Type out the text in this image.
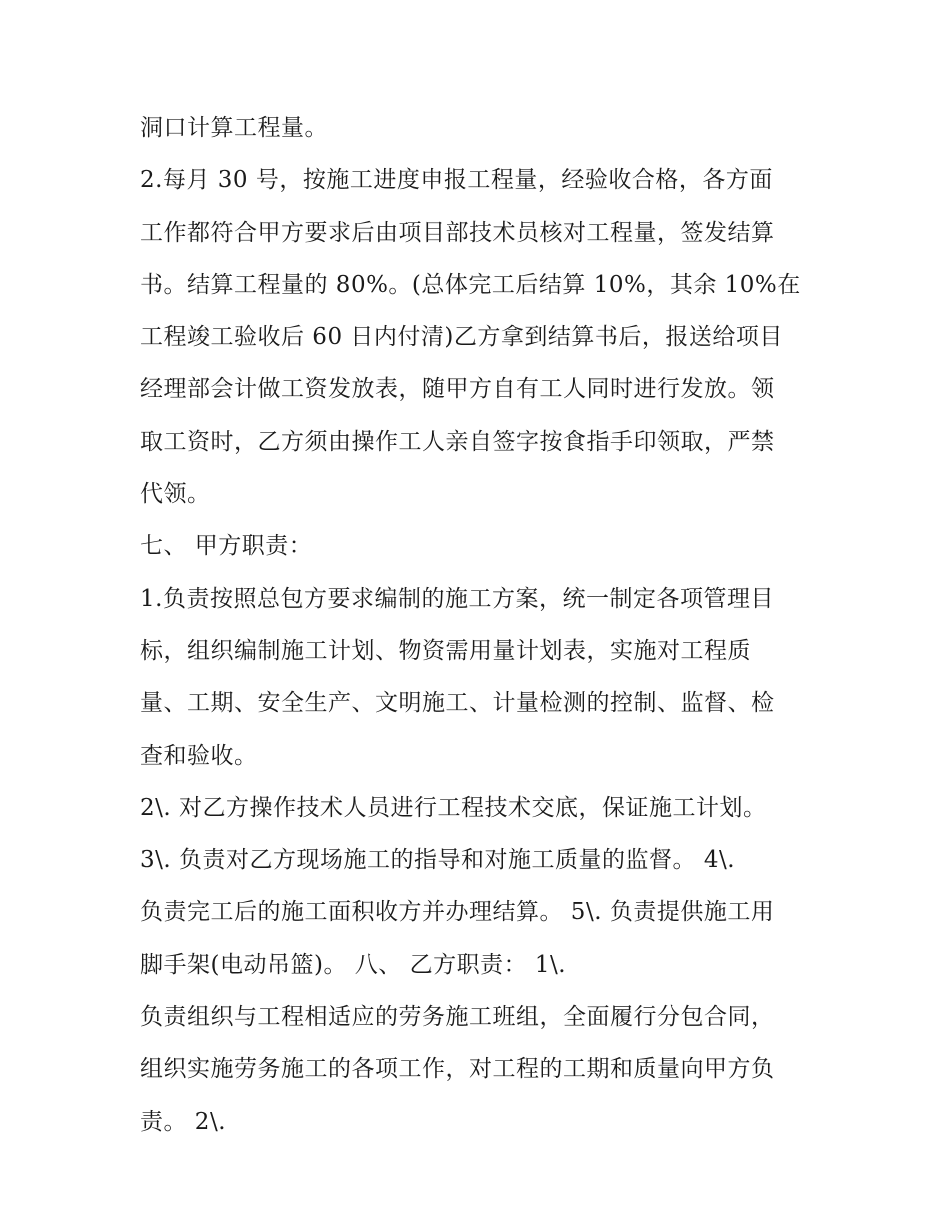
洞口计算工程量。
2.每月 30 号，按施工进度申报工程量，经验收合格，各方面
工作都符合甲方要求后由项目部技术员核对工程量，签发结算
书。结算工程量的 80%。(总体完工后结算 10%，其余 10%在
工程竣工验收后 60 日内付清)乙方拿到结算书后，报送给项目
经理部会计做工资发放表，随甲方自有工人同时进行发放。领
取工资时，乙方须由操作工人亲自签字按食指手印领取，严禁
代领。
七、 甲方职责：
1.负责按照总包方要求编制的施工方案，统一制定各项管理目
标，组织编制施工计划、物资需用量计划表，实施对工程质
量、工期、安全生产、文明施工、计量检测的控制、监督、检
查和验收。
2\. 对乙方操作技术人员进行工程技术交底，保证施工计划。
3\. 负责对乙方现场施工的指导和对施工质量的监督。 4\.
负责完工后的施工面积收方并办理结算。 5\. 负责提供施工用
脚手架(电动吊篮)。 八、 乙方职责： 1\.
负责组织与工程相适应的劳务施工班组，全面履行分包合同，
组织实施劳务施工的各项工作，对工程的工期和质量向甲方负
责。 2\.
